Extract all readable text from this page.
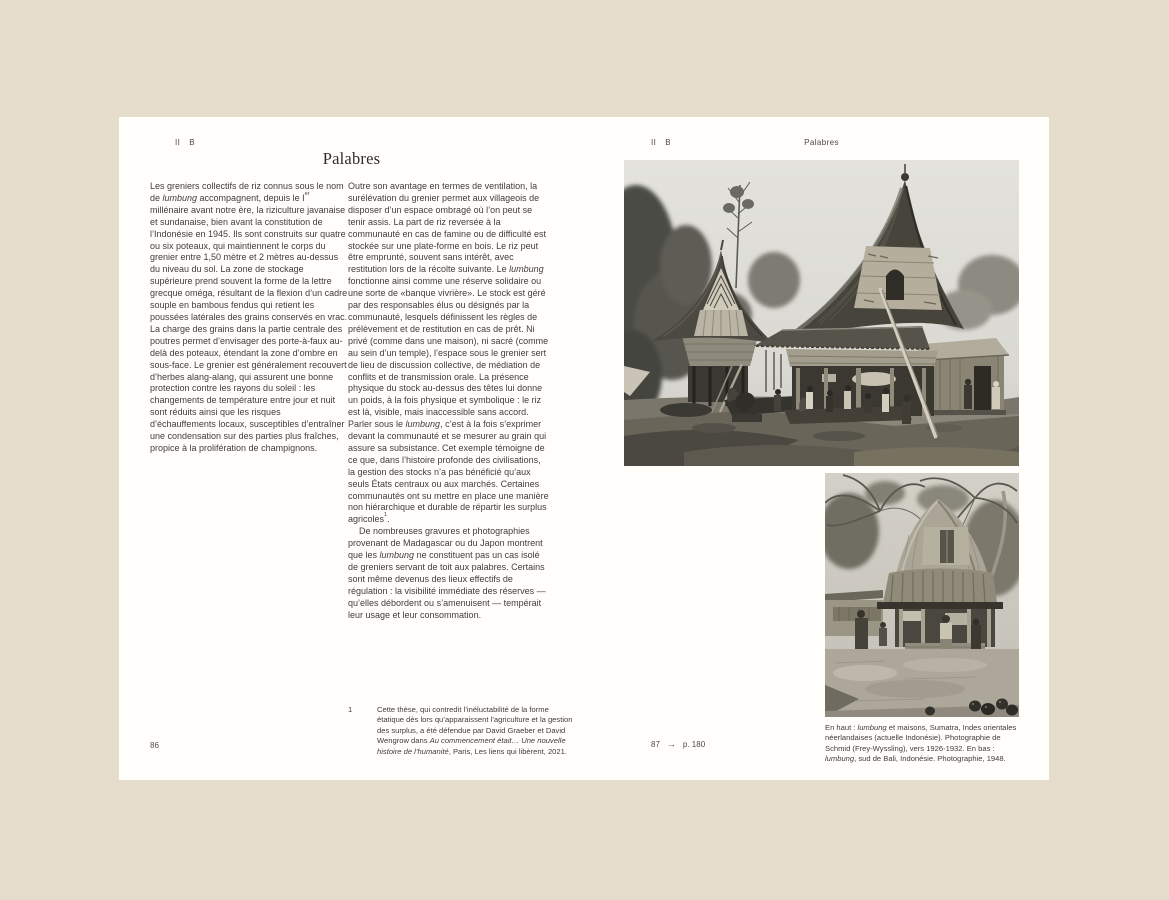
II B
Palabres

Les greniers collectifs de riz connus sous le nom de lumbung accompagnent, depuis le Ier millénaire avant notre ère, la riziculture javanaise et sundanaise, bien avant la constitution de l’Indonésie en 1945. Ils sont construits sur quatre ou six poteaux, qui maintiennent le corps du grenier entre 1,50 mètre et 2 mètres au-dessus du niveau du sol. La zone de stockage supérieure prend souvent la forme de la lettre grecque oméga, résultant de la flexion d’un cadre souple en bambous fendus qui retient les poussées latérales des grains conservés en vrac. La charge des grains dans la partie centrale des poutres permet d’envisager des porte-à-faux au-delà des poteaux, étendant la zone d’ombre en sous-face. Le grenier est généralement recouvert d’herbes alang-alang, qui assurent une bonne protection contre les rayons du soleil : les changements de température entre jour et nuit sont réduits ainsi que les risques d’échauffements locaux, susceptibles d’entraîner une condensation sur des parties plus fraîches, propice à la prolifération de champignons.

Outre son avantage en termes de ventilation, la surélévation du grenier permet aux villageois de disposer d’un espace ombragé où l’on peut se tenir assis. La part de riz reversée à la communauté en cas de famine ou de difficulté est stockée sur une plate-forme en bois. Le riz peut être emprunté, souvent sans intérêt, avec restitution lors de la récolte suivante. Le lumbung fonctionne ainsi comme une réserve solidaire ou une sorte de «banque vivrière». Le stock est géré par des responsables élus ou désignés par la communauté, lesquels définissent les règles de prélèvement et de restitution en cas de prêt. Ni privé (comme dans une maison), ni sacré (comme au sein d’un temple), l’espace sous le grenier sert de lieu de discussion collective, de médiation de conflits et de transmission orale. La présence physique du stock au-dessus des têtes lui donne un poids, à la fois physique et symbolique : le riz est là, visible, mais inaccessible sans accord. Parler sous le lumbung, c’est à la fois s’exprimer devant la communauté et se mesurer au grain qui assure sa subsistance. Cet exemple témoigne de ce que, dans l’histoire profonde des civilisations, la gestion des stocks n’a pas bénéficié qu’aux seuls États centraux ou aux marchés. Certaines communautés ont su mettre en place une manière non hiérarchique et durable de répartir les surplus agricoles$^1$.

De nombreuses gravures et photographies provenant de Madagascar ou du Japon montrent que les lumbung ne constituent pas un cas isolé de greniers servant de toit aux palabres. Certains sont même devenus des lieux effectifs de régulation : la visibilité immédiate des réserves — qu’elles débordent ou s’amenuisent — tempérait leur usage et leur consommation.

1	Cette thèse, qui contredit l’inéluctabilité de la forme étatique dès lors qu’apparaissent l’agriculture et la gestion des surplus, a été défendue par David Graeber et David Wengrow dans Au commencement était… Une nouvelle histoire de l’humanité, Paris, Les liens qui libèrent, 2021.

86
II B	Palabres
En haut : lumbung et maisons, Sumatra, Indes orientales néerlandaises (actuelle Indonésie). Photographie de Schmid (Frey-Wyssling), vers 1926-1932. En bas : lumbung, sud de Bali, Indonésie. Photographie, 1948.
87 → p. 180
